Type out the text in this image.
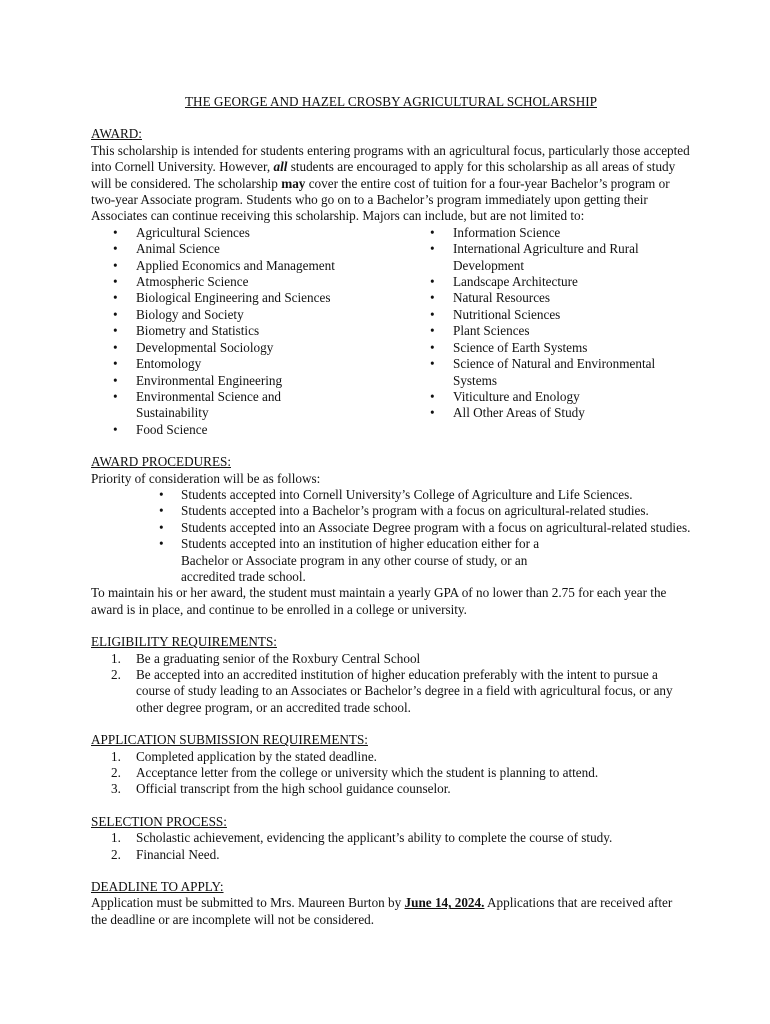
THE GEORGE AND HAZEL CROSBY AGRICULTURAL SCHOLARSHIP
AWARD:

This scholarship is intended for students entering programs with an agricultural focus, particularly those accepted into Cornell University. However, all students are encouraged to apply for this scholarship as all areas of study will be considered. The scholarship may cover the entire cost of tuition for a four-year Bachelor’s program or two-year Associate program. Students who go on to a Bachelor’s program immediately upon getting their Associates can continue receiving this scholarship. Majors can include, but are not limited to:

• Agricultural Sciences
• Animal Science
• Applied Economics and Management
• Atmospheric Science
• Biological Engineering and Sciences
• Biology and Society
• Biometry and Statistics
• Developmental Sociology
• Entomology
• Environmental Engineering
• Environmental Science and Sustainability
• Food Science
• Information Science
• International Agriculture and Rural Development
• Landscape Architecture
• Natural Resources
• Nutritional Sciences
• Plant Sciences
• Science of Earth Systems
• Science of Natural and Environmental Systems
• Viticulture and Enology
• All Other Areas of Study
AWARD PROCEDURES:

Priority of consideration will be as follows:

• Students accepted into Cornell University’s College of Agriculture and Life Sciences.
• Students accepted into a Bachelor’s program with a focus on agricultural-related studies.
• Students accepted into an Associate Degree program with a focus on agricultural-related studies.
• Students accepted into an institution of higher education either for a Bachelor or Associate program in any other course of study, or an accredited trade school.

To maintain his or her award, the student must maintain a yearly GPA of no lower than 2.75 for each year the award is in place, and continue to be enrolled in a college or university.

ELIGIBILITY REQUIREMENTS:
1. Be a graduating senior of the Roxbury Central School
2. Be accepted into an accredited institution of higher education preferably with the intent to pursue a course of study leading to an Associates or Bachelor’s degree in a field with agricultural focus, or any other degree program, or an accredited trade school.
APPLICATION SUBMISSION REQUIREMENTS:
1. Completed application by the stated deadline.
2. Acceptance letter from the college or university which the student is planning to attend.
3. Official transcript from the high school guidance counselor.
SELECTION PROCESS:
1. Scholastic achievement, evidencing the applicant’s ability to complete the course of study.
2. Financial Need.
DEADLINE TO APPLY:

Application must be submitted to Mrs. Maureen Burton by June 14, 2024. Applications that are received after the deadline or are incomplete will not be considered.
